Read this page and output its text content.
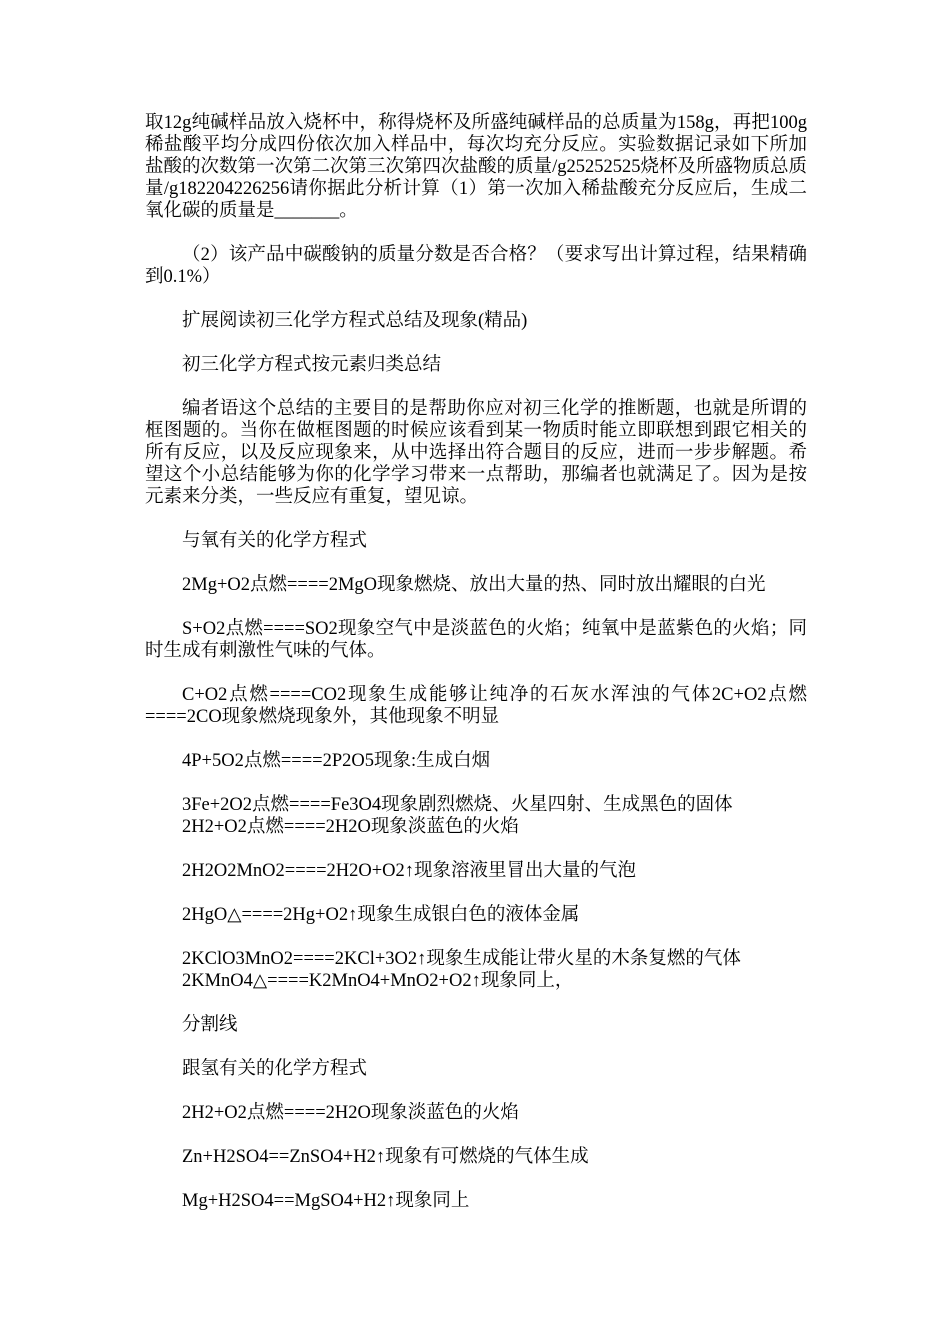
取12g纯碱样品放入烧杯中，称得烧杯及所盛纯碱样品的总质量为158g，再把100g稀盐酸平均分成四份依次加入样品中，每次均充分反应。实验数据记录如下所加盐酸的次数第一次第二次第三次第四次盐酸的质量/g25252525烧杯及所盛物质总质量/g182204226256请你据此分析计算（1）第一次加入稀盐酸充分反应后，生成二氧化碳的质量是_______。

（2）该产品中碳酸钠的质量分数是否合格？（要求写出计算过程，结果精确到0.1%）

扩展阅读初三化学方程式总结及现象(精品)

初三化学方程式按元素归类总结

编者语这个总结的主要目的是帮助你应对初三化学的推断题，也就是所谓的框图题的。当你在做框图题的时候应该看到某一物质时能立即联想到跟它相关的所有反应，以及反应现象来，从中选择出符合题目的反应，进而一步步解题。希望这个小总结能够为你的化学学习带来一点帮助，那编者也就满足了。因为是按元素来分类，一些反应有重复，望见谅。

与氧有关的化学方程式

2Mg+O2点燃====2MgO现象燃烧、放出大量的热、同时放出耀眼的白光

S+O2点燃====SO2现象空气中是淡蓝色的火焰；纯氧中是蓝紫色的火焰；同时生成有刺激性气味的气体。

C+O2点燃====CO2现象生成能够让纯净的石灰水浑浊的气体2C+O2点燃====2CO现象燃烧现象外，其他现象不明显

4P+5O2点燃====2P2O5现象:生成白烟

3Fe+2O2点燃====Fe3O4现象剧烈燃烧、火星四射、生成黑色的固体
2H2+O2点燃====2H2O现象淡蓝色的火焰

2H2O2MnO2====2H2O+O2↑现象溶液里冒出大量的气泡

2HgO△====2Hg+O2↑现象生成银白色的液体金属

2KClO3MnO2====2KCl+3O2↑现象生成能让带火星的木条复燃的气体
2KMnO4△====K2MnO4+MnO2+O2↑现象同上，

分割线

跟氢有关的化学方程式

2H2+O2点燃====2H2O现象淡蓝色的火焰

Zn+H2SO4==ZnSO4+H2↑现象有可燃烧的气体生成

Mg+H2SO4==MgSO4+H2↑现象同上
